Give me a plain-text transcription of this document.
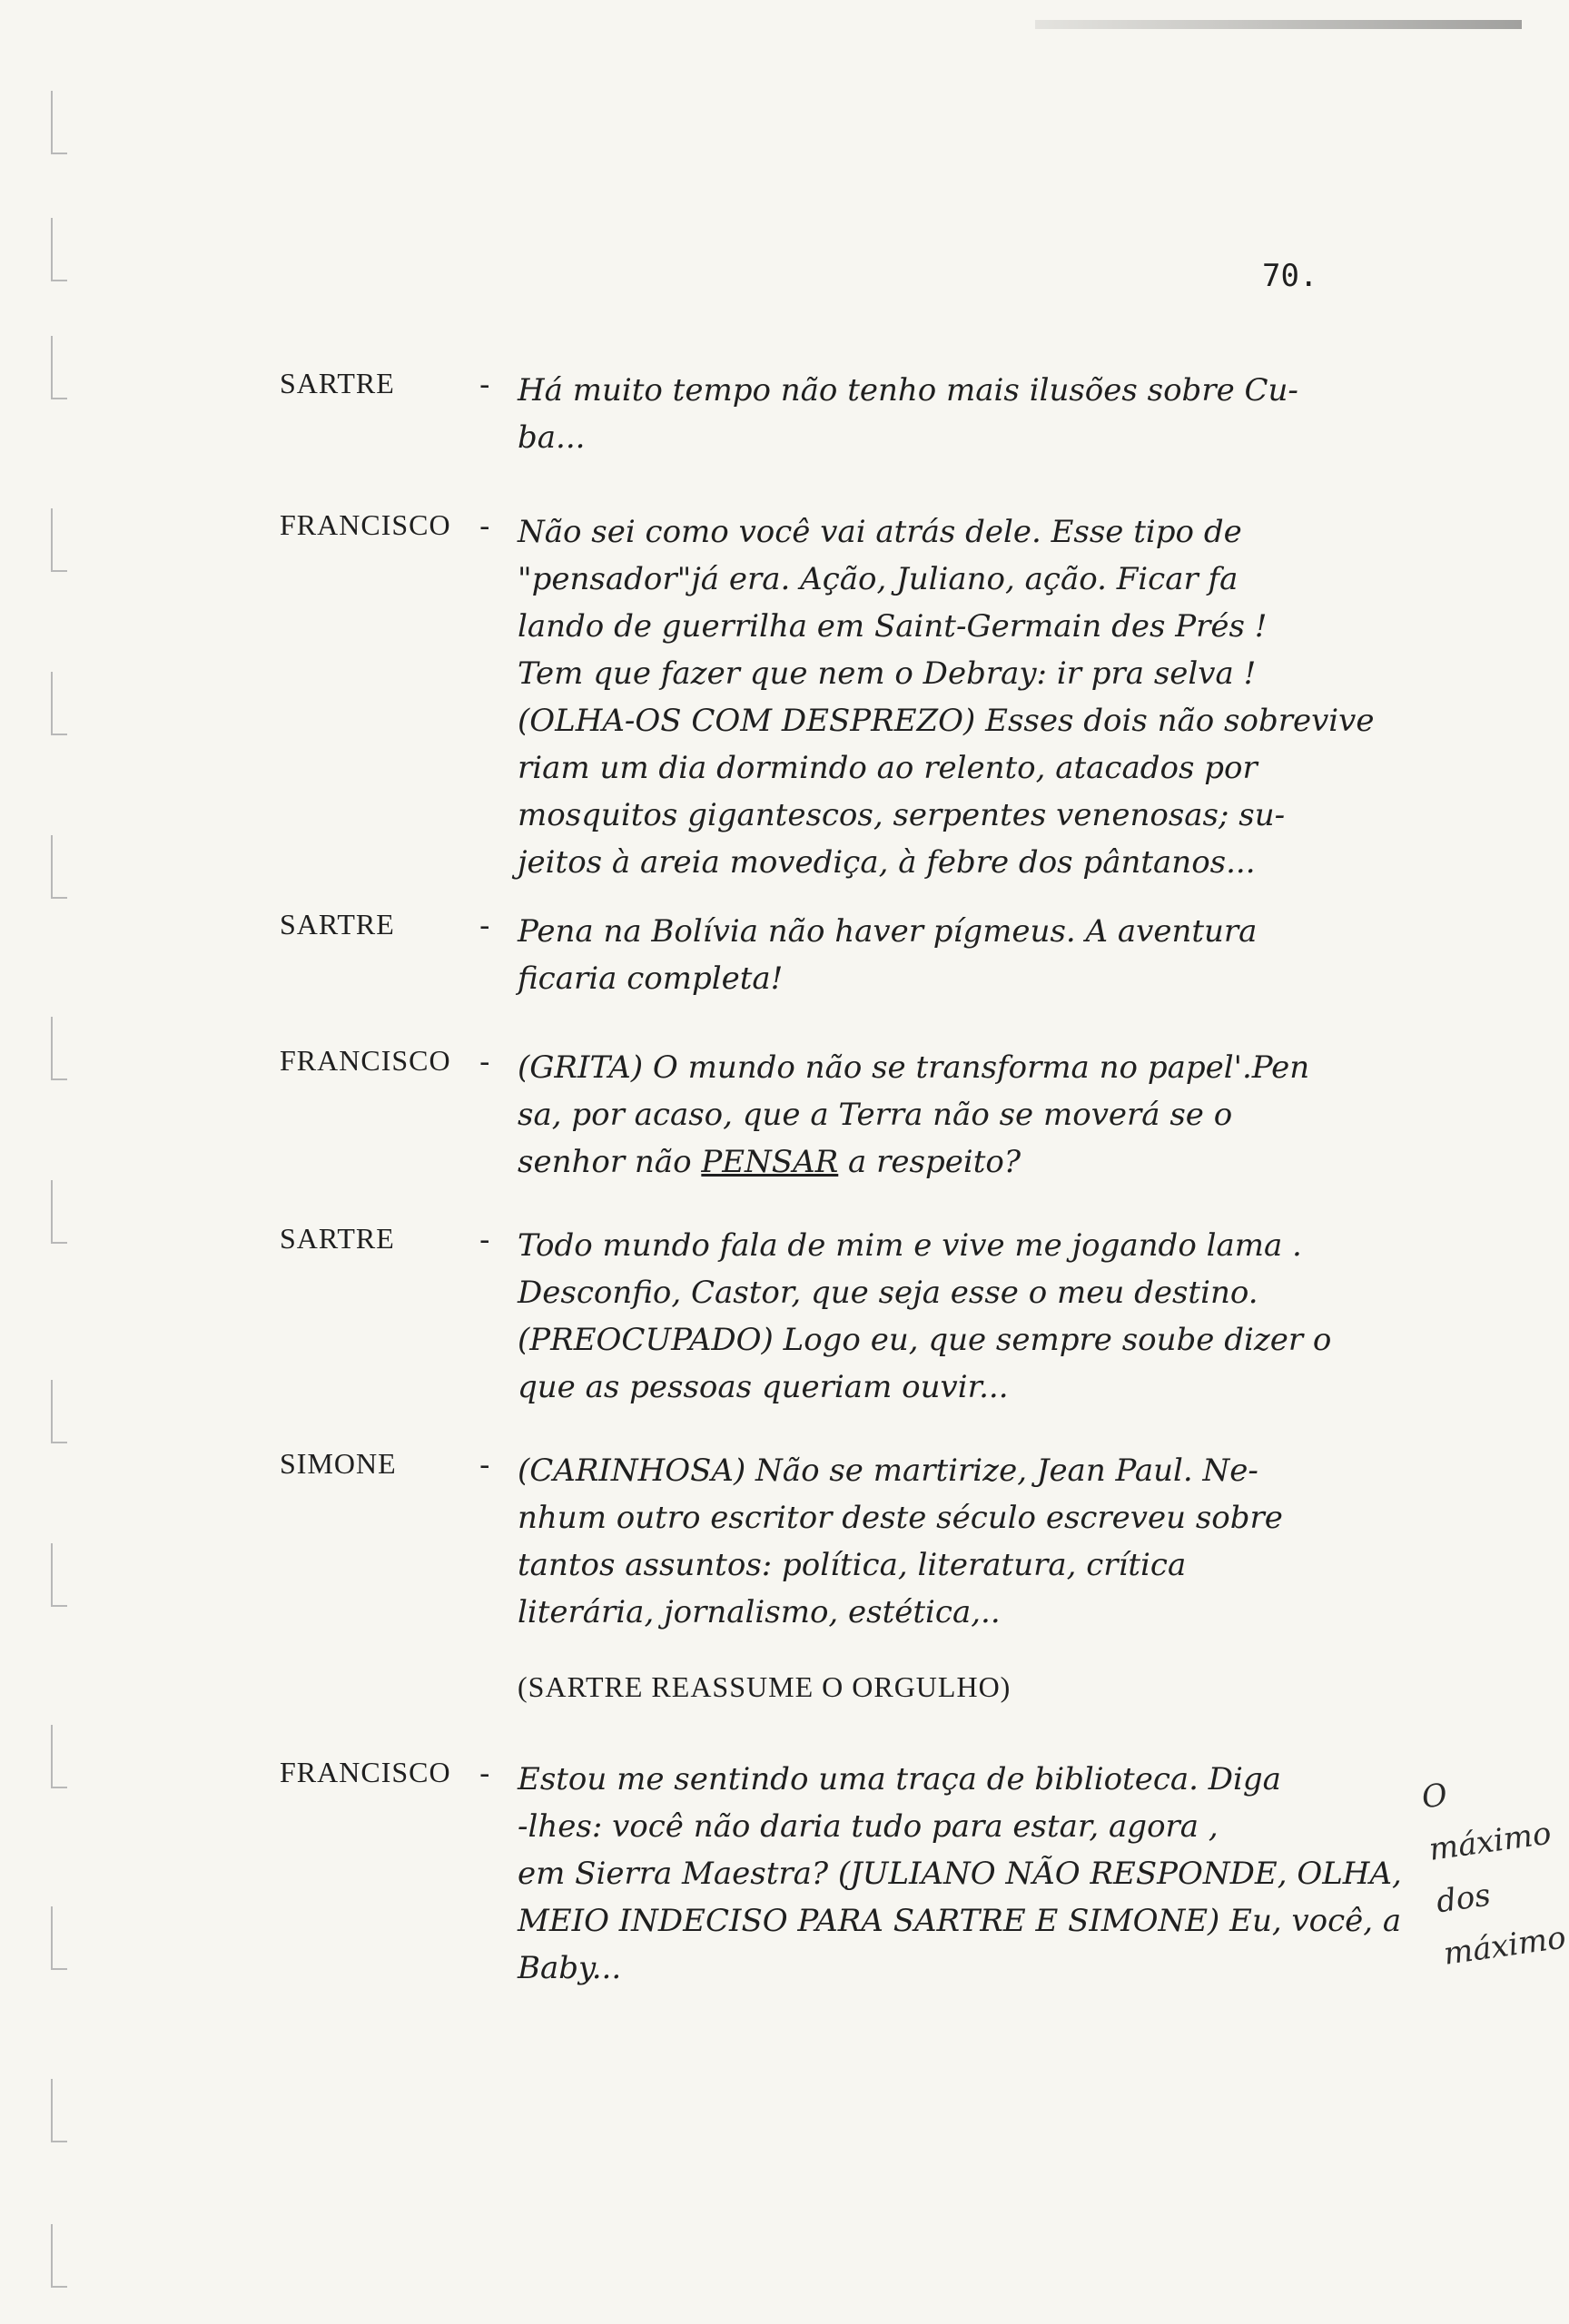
70.
SARTRE	- Há muito tempo não tenho mais ilusões sobre Cu-
ba...
FRANCISCO - Não sei como você vai atrás dele. Esse tipo de
"pensador"já era. Ação, Juliano, ação. Ficar fa
lando de guerrilha em Saint-Germain des Prés !
Tem que fazer que nem o Debray: ir pra selva !
(OLHA-OS COM DESPREZO) Esses dois não sobrevive
riam um dia dormindo ao relento, atacados por
mosquitos gigantescos, serpentes venenosas; su-
jeitos à areia movediça, à febre dos pântanos...
SARTRE	- Pena na Bolívia não haver pígmeus. A aventura
ficaria completa!
FRANCISCO - (GRITA) O mundo não se transforma no papel'.Pen
sa, por acaso, que a Terra não se moverá se o
senhor não PENSAR a respeito?
SARTRE	- Todo mundo fala de mim e vive me jogando lama .
Desconfio, Castor, que seja esse o meu destino.
(PREOCUPADO) Logo eu, que sempre soube dizer o
que as pessoas queriam ouvir...
SIMONE	- (CARINHOSA) Não se martirize, Jean Paul. Ne-
nhum outro escritor deste século escreveu sobre
tantos assuntos: política, literatura, crítica
literária, jornalismo, estética,..
(SARTRE REASSUME O ORGULHO)
FRANCISCO - Estou me sentindo uma traça de biblioteca. Diga
-lhes: você não daria tudo para estar, agora ,
em Sierra Maestra? (JULIANO NÃO RESPONDE, OLHA,
MEIO INDECISO PARA SARTRE E SIMONE) Eu, você, a
Baby...
O máximo
dos máximo
